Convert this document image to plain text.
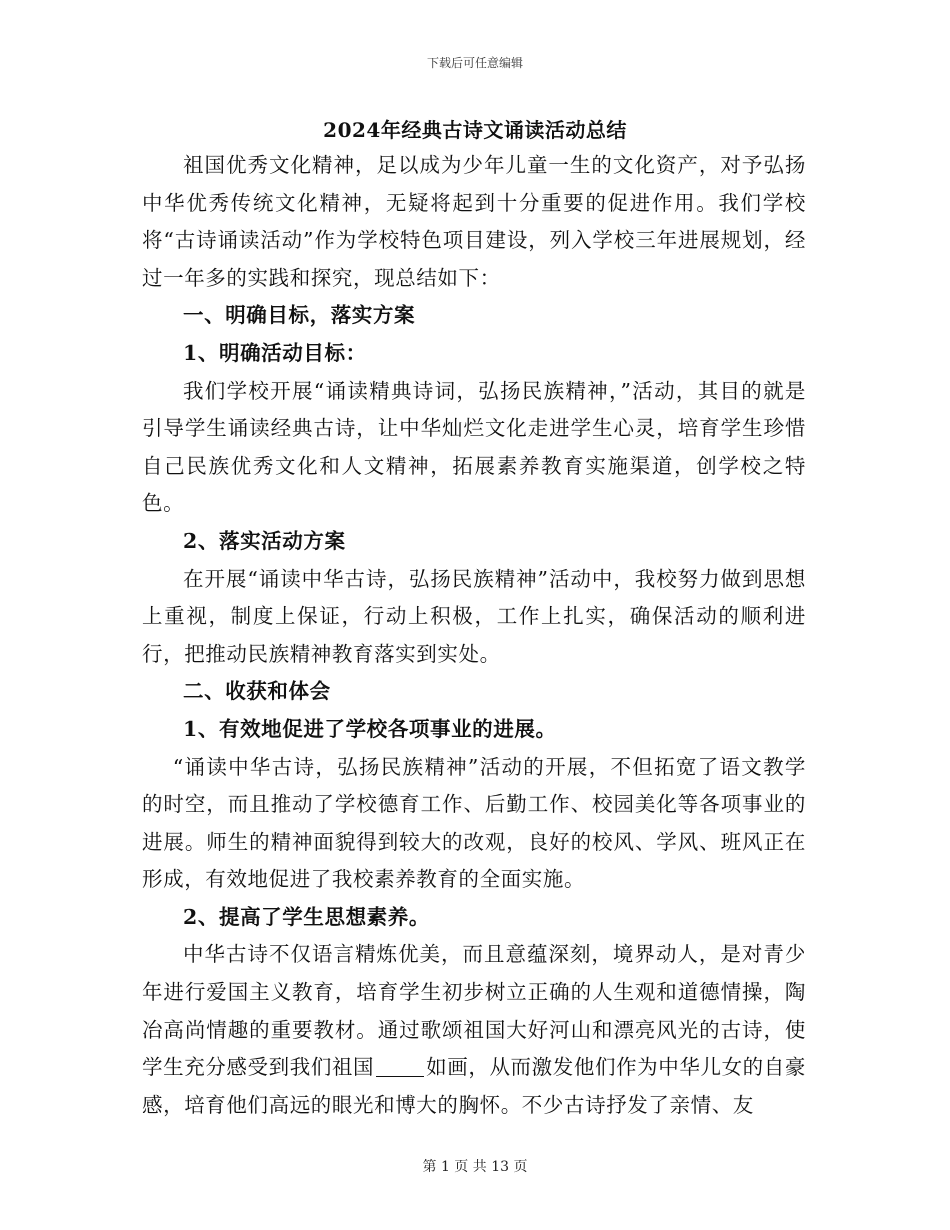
下载后可任意编辑
2024年经典古诗文诵读活动总结

祖国优秀文化精神，足以成为少年儿童一生的文化资产，对予弘扬中华优秀传统文化精神，无疑将起到十分重要的促进作用。我们学校将“古诗诵读活动”作为学校特色项目建设，列入学校三年进展规划，经过一年多的实践和探究，现总结如下：

一、明确目标，落实方案

1、明确活动目标：

我们学校开展“诵读精典诗词，弘扬民族精神，”活动，其目的就是引导学生诵读经典古诗，让中华灿烂文化走进学生心灵，培育学生珍惜自己民族优秀文化和人文精神，拓展素养教育实施渠道，创学校之特色。

2、落实活动方案

在开展“诵读中华古诗，弘扬民族精神”活动中，我校努力做到思想上重视，制度上保证，行动上积极，工作上扎实，确保活动的顺利进行，把推动民族精神教育落实到实处。

二、收获和体会

1、有效地促进了学校各项事业的进展。

“诵读中华古诗，弘扬民族精神”活动的开展，不但拓宽了语文教学的时空，而且推动了学校德育工作、后勤工作、校园美化等各项事业的进展。师生的精神面貌得到较大的改观，良好的校风、学风、班风正在形成，有效地促进了我校素养教育的全面实施。

2、提高了学生思想素养。

中华古诗不仅语言精炼优美，而且意蕴深刻，境界动人，是对青少年进行爱国主义教育，培育学生初步树立正确的人生观和道德情操，陶冶高尚情趣的重要教材。通过歌颂祖国大好河山和漂亮风光的古诗，使学生充分感受到我们祖国	如画，从而激发他们作为中华儿女的自豪感，培育他们高远的眼光和博大的胸怀。不少古诗抒发了亲情、友

第 1 页 共 13 页
